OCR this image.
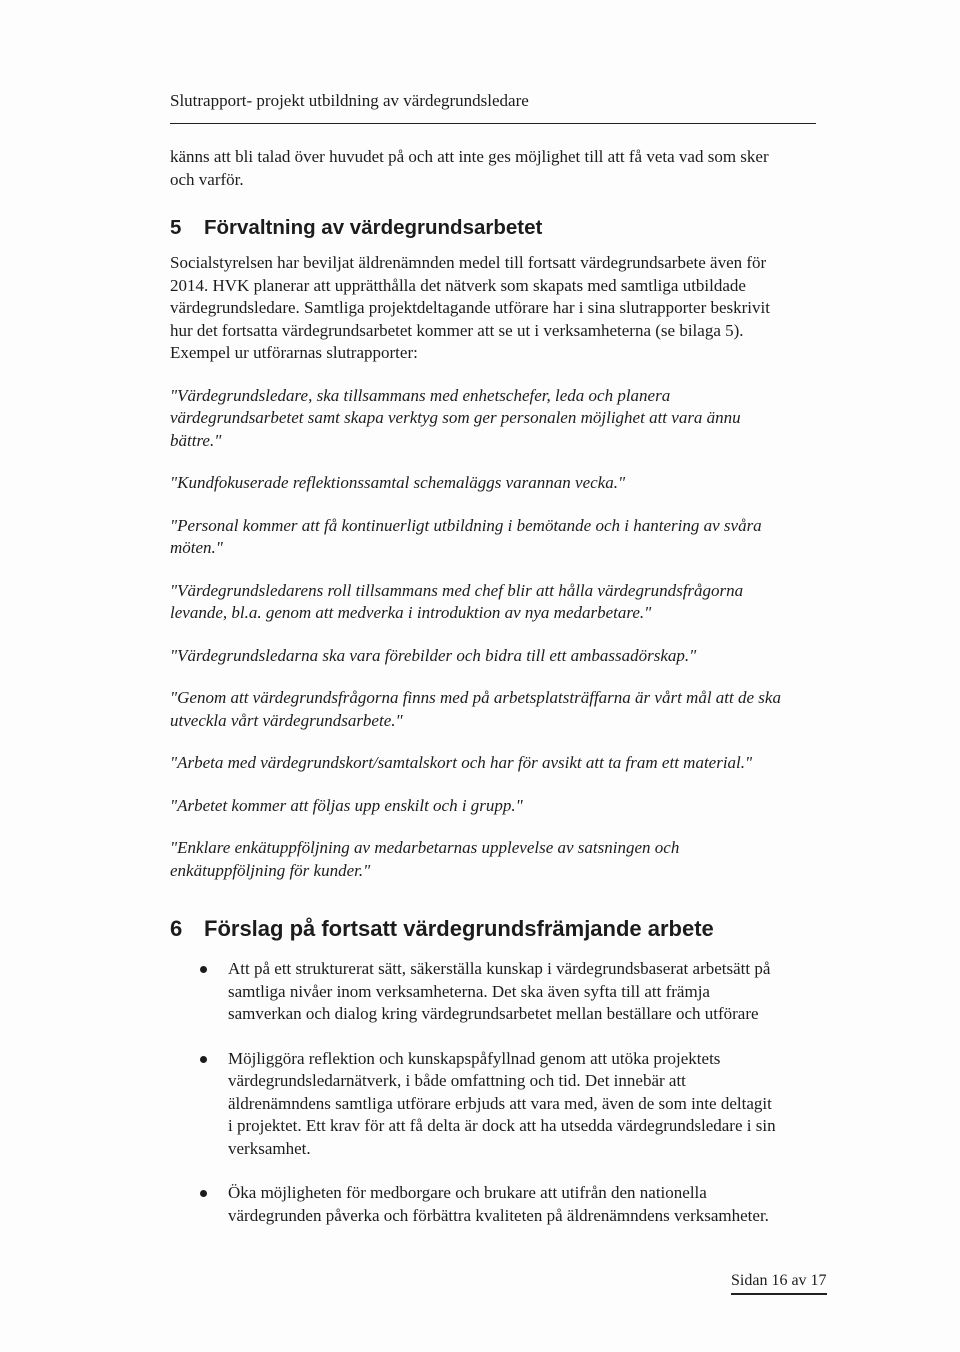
Slutrapport- projekt utbildning av värdegrundsledare

känns att bli talad över huvudet på och att inte ges möjlighet till att få veta vad som sker
och varför.

5	Förvaltning av värdegrundsarbetet

Socialstyrelsen har beviljat äldrenämnden medel till fortsatt värdegrundsarbete även för
2014. HVK planerar att upprätthålla det nätverk som skapats med samtliga utbildade
värdegrundsledare. Samtliga projektdeltagande utförare har i sina slutrapporter beskrivit
hur det fortsatta värdegrundsarbetet kommer att se ut i verksamheterna (se bilaga 5).
Exempel ur utförarnas slutrapporter:

"Värdegrundsledare, ska tillsammans med enhetschefer, leda och planera
värdegrundsarbetet samt skapa verktyg som ger personalen möjlighet att vara ännu
bättre."

"Kundfokuserade reflektionssamtal schemaläggs varannan vecka."

"Personal kommer att få kontinuerligt utbildning i bemötande och i hantering av svåra
möten."

"Värdegrundsledarens roll tillsammans med chef blir att hålla värdegrundsfrågorna
levande, bl.a. genom att medverka i introduktion av nya medarbetare."

"Värdegrundsledarna ska vara förebilder och bidra till ett ambassadörskap."

"Genom att värdegrundsfrågorna finns med på arbetsplatsträffarna är vårt mål att de ska
utveckla vårt värdegrundsarbete."

"Arbeta med värdegrundskort/samtalskort och har för avsikt att ta fram ett material."

"Arbetet kommer att följas upp enskilt och i grupp."

"Enklare enkätuppföljning av medarbetarnas upplevelse av satsningen och
enkätuppföljning för kunder."

6 Förslag på fortsatt värdegrundsfrämjande arbete
Att på ett strukturerat sätt, säkerställa kunskap i värdegrundsbaserat arbetsätt på
samtliga nivåer inom verksamheterna. Det ska även syfta till att främja
samverkan och dialog kring värdegrundsarbetet mellan beställare och utförare
Möjliggöra reflektion och kunskapspåfyllnad genom att utöka projektets
värdegrundsledarnätverk, i både omfattning och tid. Det innebär att
äldrenämndens samtliga utförare erbjuds att vara med, även de som inte deltagit
i projektet. Ett krav för att få delta är dock att ha utsedda värdegrundsledare i sin
verksamhet.
Öka möjligheten för medborgare och brukare att utifrån den nationella
värdegrunden påverka och förbättra kvaliteten på äldrenämndens verksamheter.
Sidan 16 av 17
